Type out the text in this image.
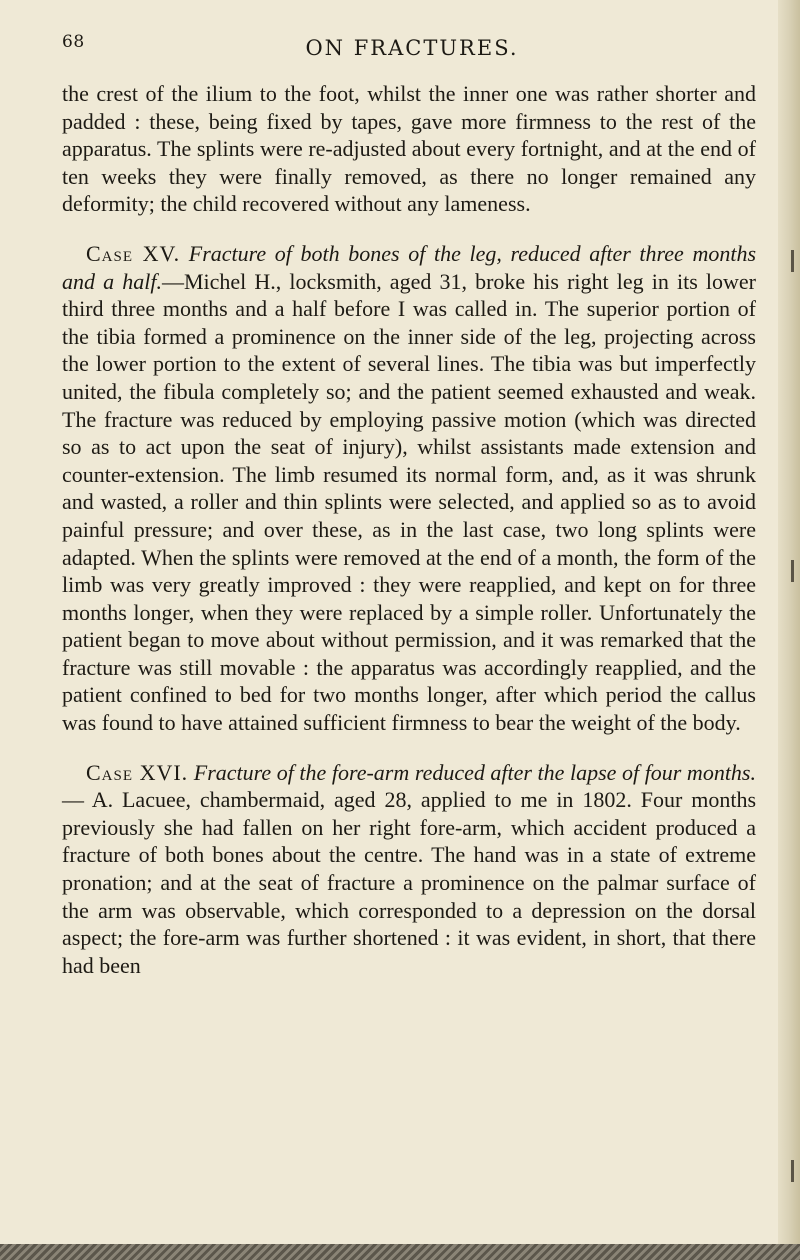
68	ON FRACTURES.

the crest of the ilium to the foot, whilst the inner one was rather shorter and padded : these, being fixed by tapes, gave more firmness to the rest of the apparatus. The splints were re-adjusted about every fortnight, and at the end of ten weeks they were finally removed, as there no longer remained any deformity; the child recovered without any lameness.

Case XV. Fracture of both bones of the leg, reduced after three months and a half.—Michel H., locksmith, aged 31, broke his right leg in its lower third three months and a half before I was called in. The superior portion of the tibia formed a prominence on the inner side of the leg, projecting across the lower portion to the extent of several lines. The tibia was but imperfectly united, the fibula completely so; and the patient seemed exhausted and weak. The fracture was reduced by employing passive motion (which was directed so as to act upon the seat of injury), whilst assistants made extension and counter-extension. The limb resumed its normal form, and, as it was shrunk and wasted, a roller and thin splints were selected, and applied so as to avoid painful pressure; and over these, as in the last case, two long splints were adapted. When the splints were removed at the end of a month, the form of the limb was very greatly improved : they were reapplied, and kept on for three months longer, when they were replaced by a simple roller. Unfortunately the patient began to move about without permission, and it was remarked that the fracture was still movable : the apparatus was accordingly reapplied, and the patient confined to bed for two months longer, after which period the callus was found to have attained sufficient firmness to bear the weight of the body.

Case XVI. Fracture of the fore-arm reduced after the lapse of four months. — A. Lacuee, chambermaid, aged 28, applied to me in 1802. Four months previously she had fallen on her right fore-arm, which accident produced a fracture of both bones about the centre. The hand was in a state of extreme pronation; and at the seat of fracture a prominence on the palmar surface of the arm was observable, which corresponded to a depression on the dorsal aspect; the fore-arm was further shortened : it was evident, in short, that there had been
